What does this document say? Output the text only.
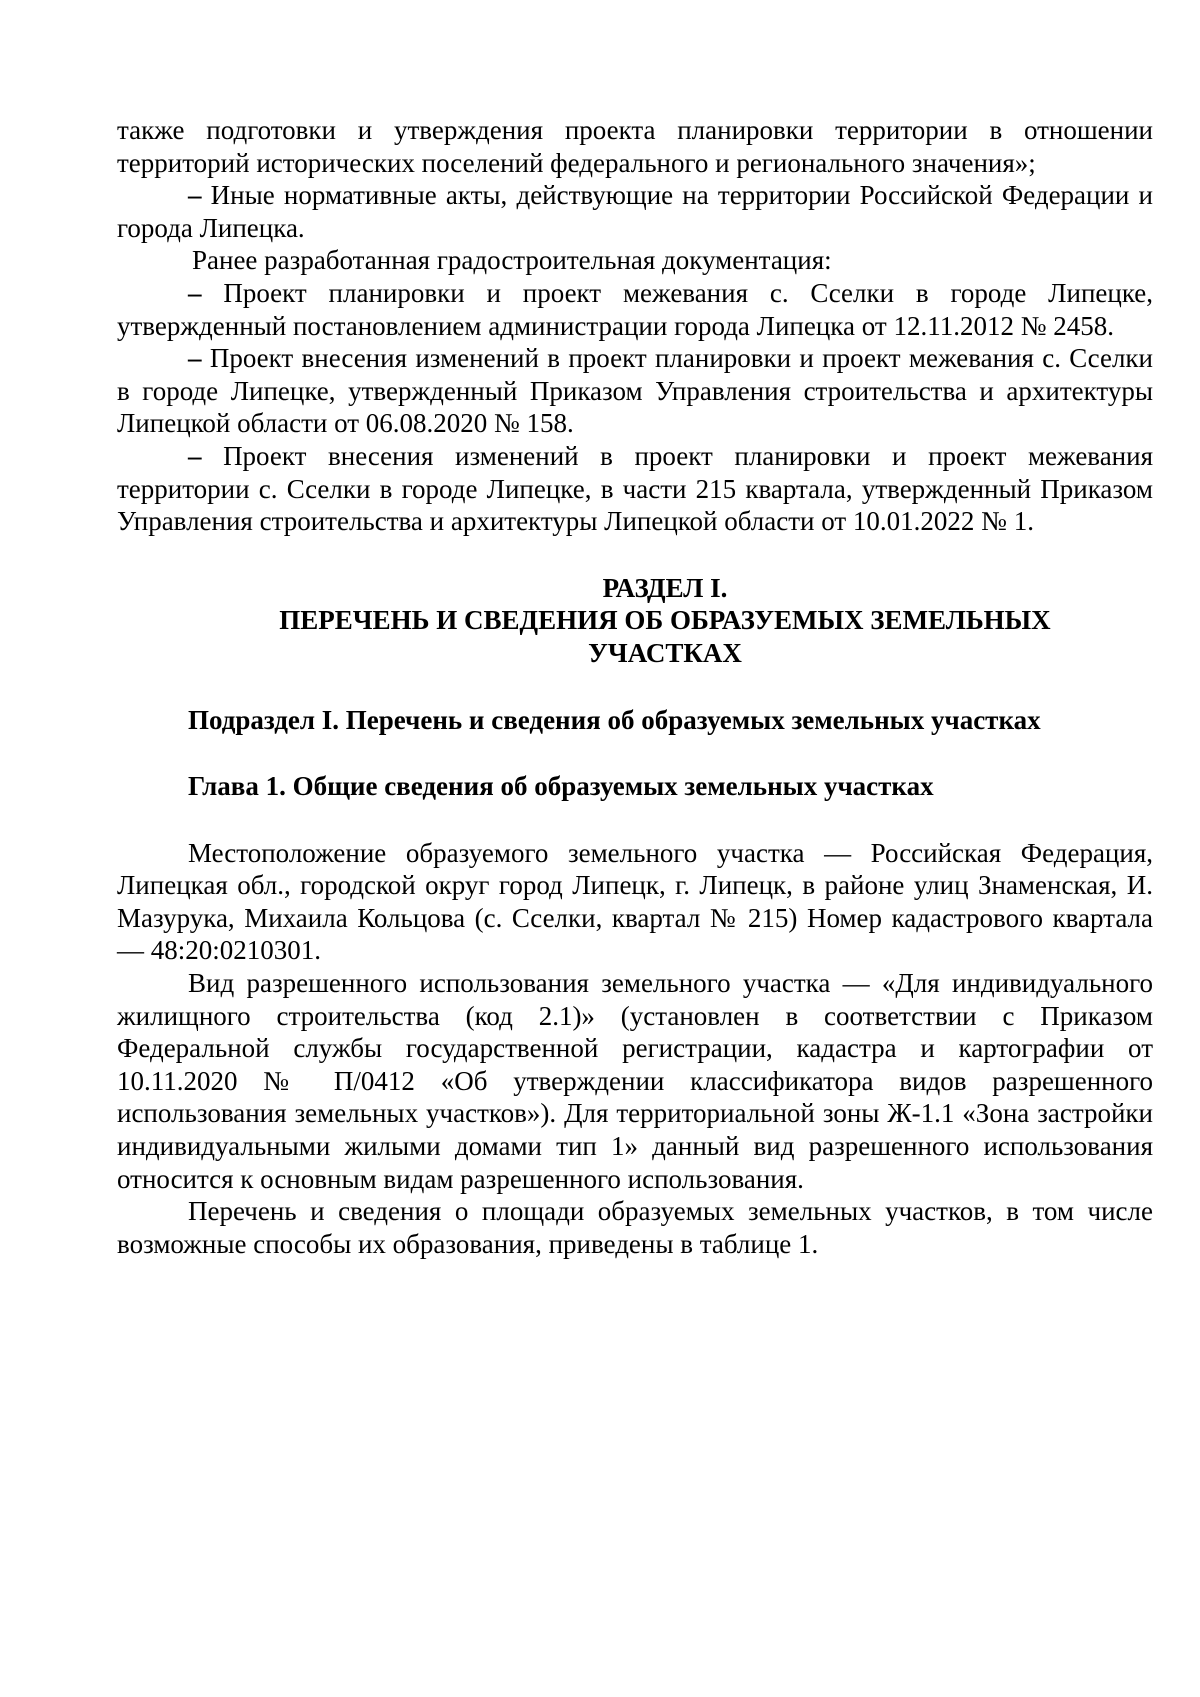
также подготовки и утверждения проекта планировки территории в отношении территорий исторических поселений федерального и регионального значения»;

– Иные нормативные акты, действующие на территории Российской Федерации и города Липецка.

Ранее разработанная градостроительная документация:

– Проект планировки и проект межевания с. Сселки в городе Липецке, утвержденный постановлением администрации города Липецка от 12.11.2012 № 2458.

– Проект внесения изменений в проект планировки и проект межевания с. Сселки в городе Липецке, утвержденный Приказом Управления строительства и архитектуры Липецкой области от 06.08.2020 № 158.

– Проект внесения изменений в проект планировки и проект межевания территории с. Сселки в городе Липецке, в части 215 квартала, утвержденный Приказом Управления строительства и архитектуры Липецкой области от 10.01.2022 № 1.

РАЗДЕЛ I.
ПЕРЕЧЕНЬ И СВЕДЕНИЯ ОБ ОБРАЗУЕМЫХ ЗЕМЕЛЬНЫХ
УЧАСТКАХ

Подраздел I. Перечень и сведения об образуемых земельных участках

Глава 1. Общие сведения об образуемых земельных участках

Местоположение образуемого земельного участка — Российская Федерация, Липецкая обл., городской округ город Липецк, г. Липецк, в районе улиц Знаменская, И. Мазурука, Михаила Кольцова (с. Сселки, квартал № 215) Номер кадастрового квартала — 48:20:0210301.

Вид разрешенного использования земельного участка — «Для индивидуального жилищного строительства (код 2.1)» (установлен в соответствии с Приказом Федеральной службы государственной регистрации, кадастра и картографии от 10.11.2020 № П/0412 «Об утверждении классификатора видов разрешенного использования земельных участков»). Для территориальной зоны Ж-1.1 «Зона застройки индивидуальными жилыми домами тип 1» данный вид разрешенного использования относится к основным видам разрешенного использования.

Перечень и сведения о площади образуемых земельных участков, в том числе возможные способы их образования, приведены в таблице 1.
